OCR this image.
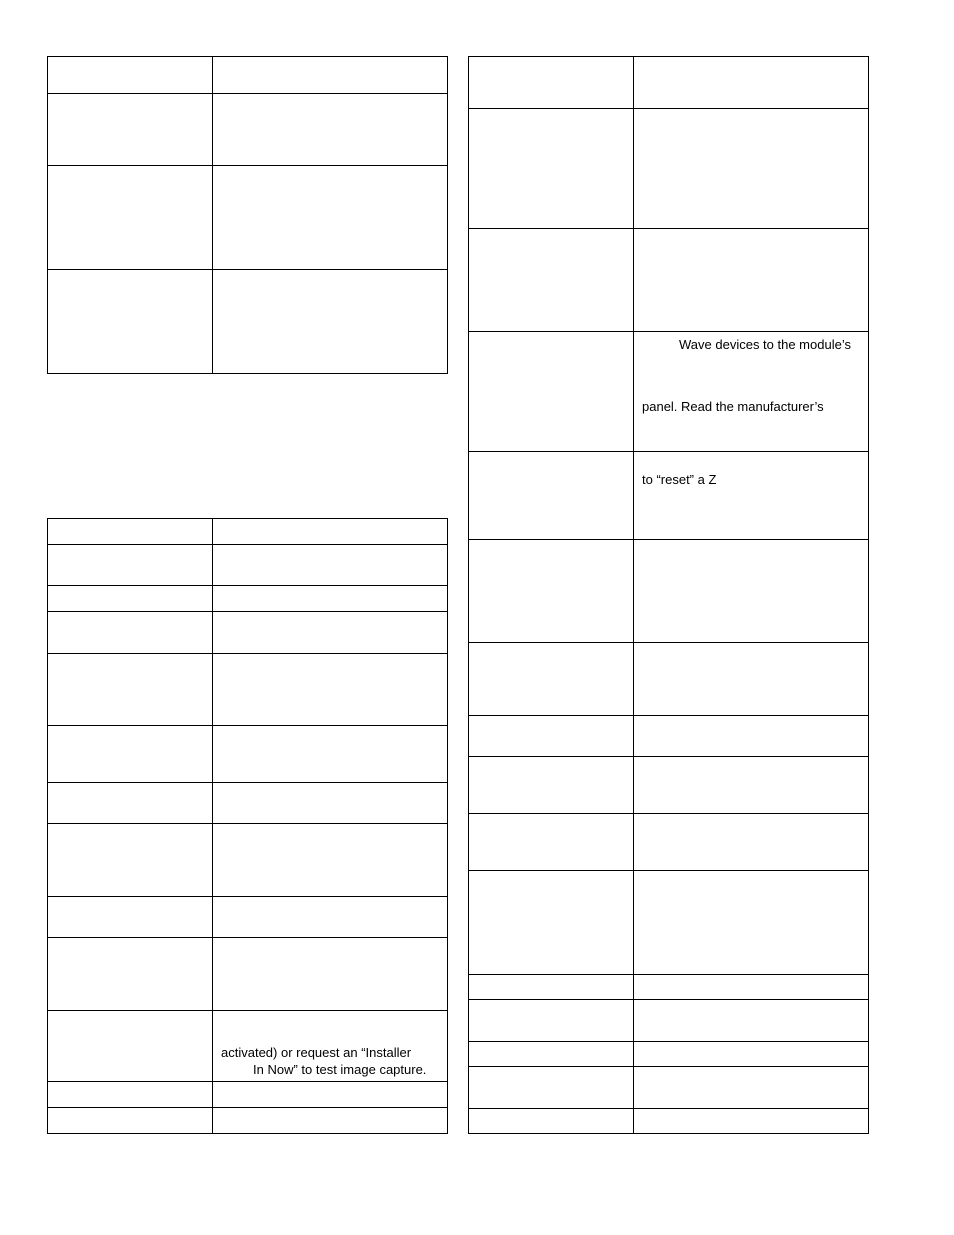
	activated) or request an “Installer
In Now” to test image capture.

	Wave devices to the module’s
panel. Read the manufacturer’s

	to “reset” a Z
